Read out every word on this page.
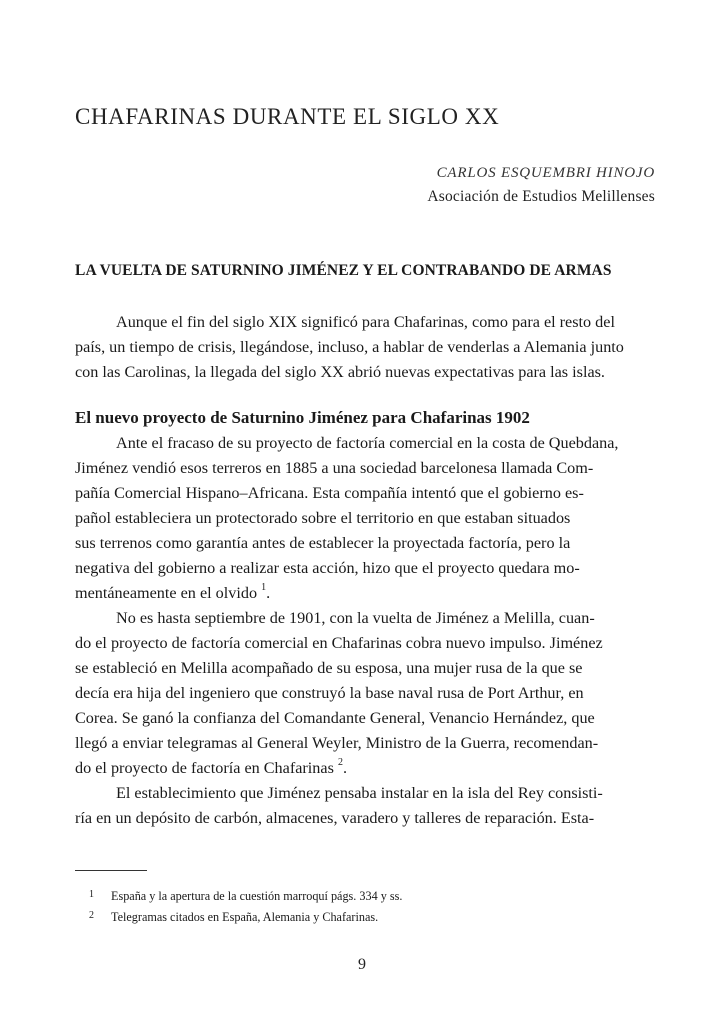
CHAFARINAS DURANTE EL SIGLO XX
CARLOS ESQUEMBRI HINOJO
Asociación de Estudios Melillenses
LA VUELTA DE SATURNINO JIMÉNEZ Y EL CONTRABANDO DE ARMAS

Aunque el fin del siglo XIX significó para Chafarinas, como para el resto del
país, un tiempo de crisis, llegándose, incluso, a hablar de venderlas a Alemania junto
con las Carolinas, la llegada del siglo XX abrió nuevas expectativas para las islas.

El nuevo proyecto de Saturnino Jiménez para Chafarinas 1902

Ante el fracaso de su proyecto de factoría comercial en la costa de Quebdana,
Jiménez vendió esos terreros en 1885 a una sociedad barcelonesa llamada Com-
pañía Comercial Hispano–Africana. Esta compañía intentó que el gobierno es-
pañol estableciera un protectorado sobre el territorio en que estaban situados
sus terrenos como garantía antes de establecer la proyectada factoría, pero la
negativa del gobierno a realizar esta acción, hizo que el proyecto quedara mo-
mentáneamente en el olvido $^1$.

No es hasta septiembre de 1901, con la vuelta de Jiménez a Melilla, cuan-
do el proyecto de factoría comercial en Chafarinas cobra nuevo impulso. Jiménez
se estableció en Melilla acompañado de su esposa, una mujer rusa de la que se
decía era hija del ingeniero que construyó la base naval rusa de Port Arthur, en
Corea. Se ganó la confianza del Comandante General, Venancio Hernández, que
llegó a enviar telegramas al General Weyler, Ministro de la Guerra, recomendan-
do el proyecto de factoría en Chafarinas $^2$.

El establecimiento que Jiménez pensaba instalar en la isla del Rey consisti-
ría en un depósito de carbón, almacenes, varadero y talleres de reparación. Esta-

1 España y la apertura de la cuestión marroquí págs. 334 y ss.

2 Telegramas citados en España, Alemania y Chafarinas.

9
